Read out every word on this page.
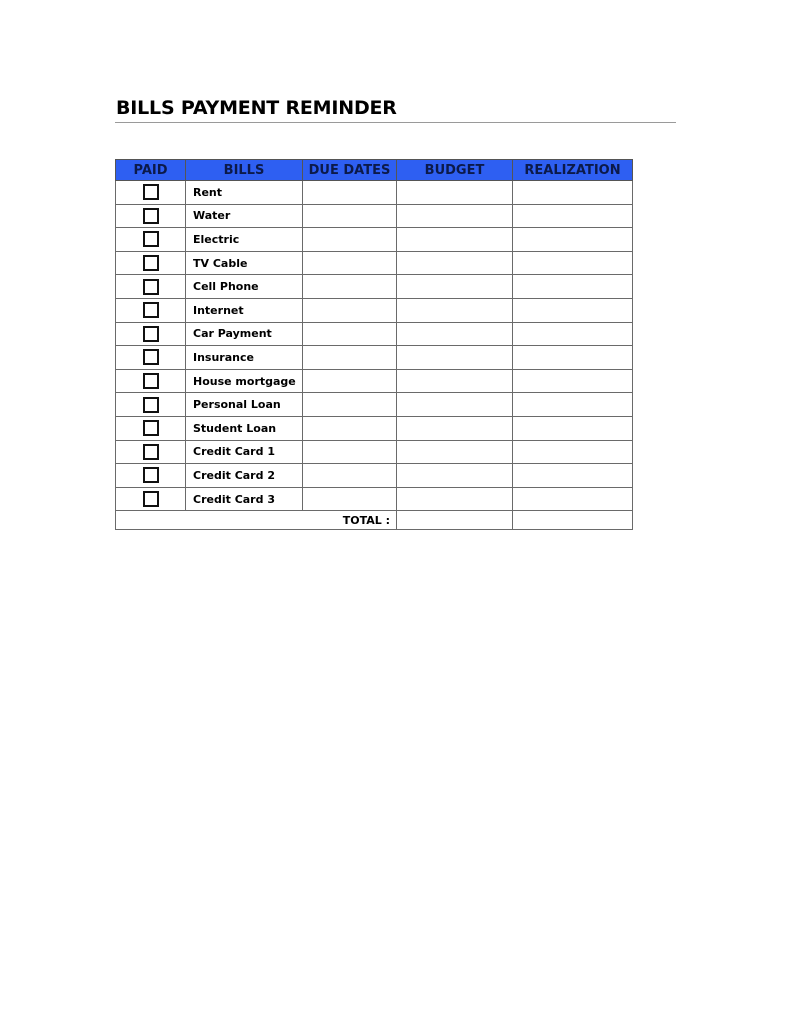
BILLS PAYMENT REMINDER
PAID	BILLS	DUE DATES	BUDGET	REALIZATION
	Rent			
	Water			
	Electric			
	TV Cable			
	Cell Phone			
	Internet			
	Car Payment			
	Insurance			
	House mortgage			
	Personal Loan			
	Student Loan			
	Credit Card 1			
	Credit Card 2			
	Credit Card 3			
TOTAL :				
